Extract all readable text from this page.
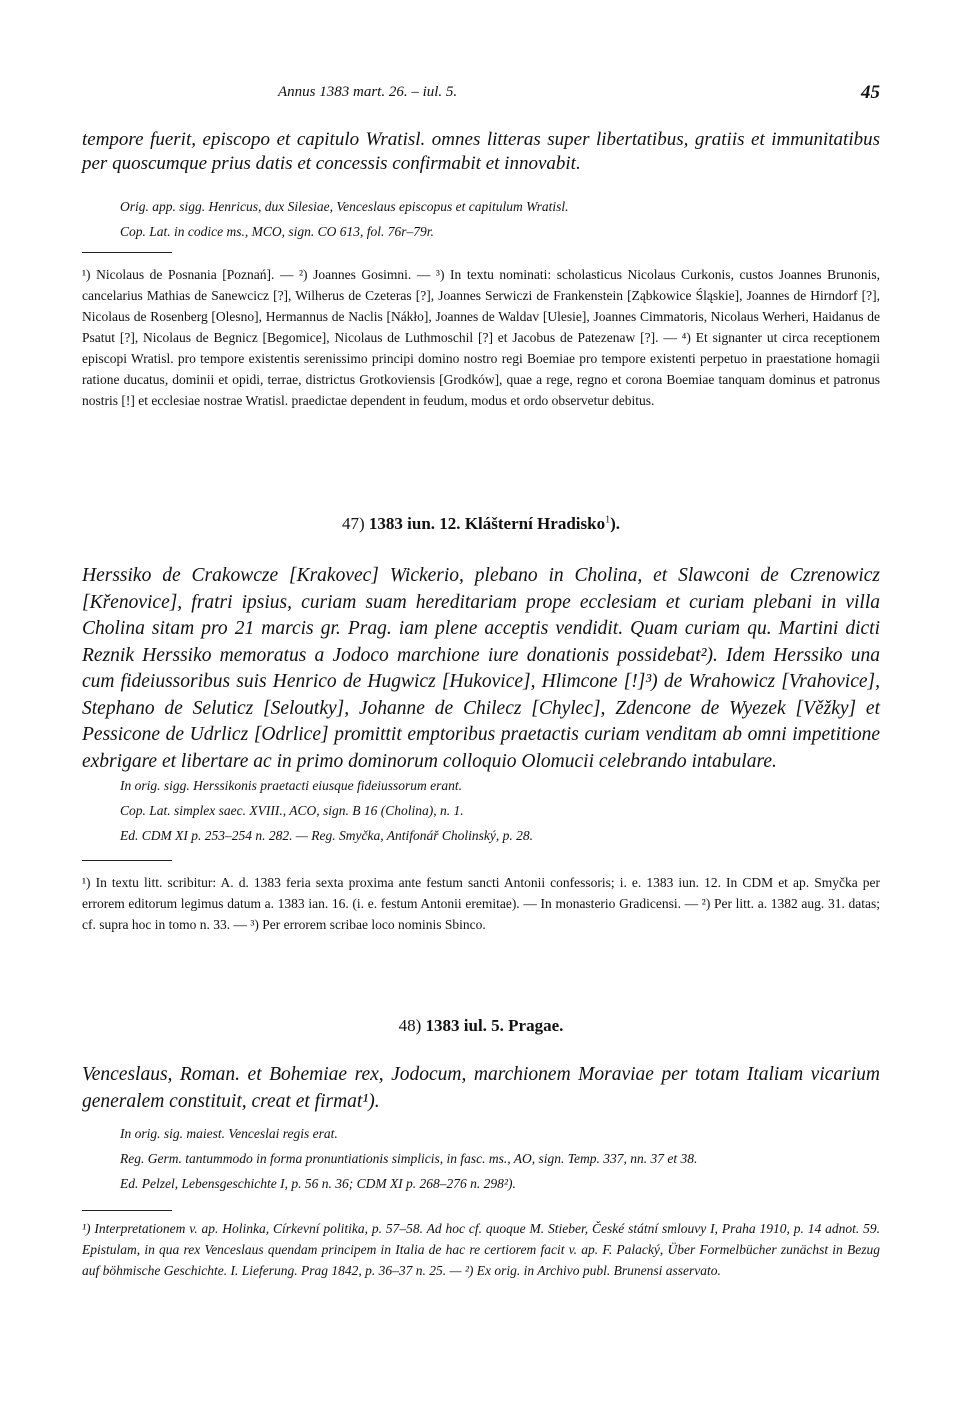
Annus 1383 mart. 26. – iul. 5.	45
tempore fuerit, episcopo et capitulo Wratisl. omnes litteras super libertatibus, gratiis et immunitatibus per quoscumque prius datis et concessis confirmabit et innovabit.
Orig. app. sigg. Henricus, dux Silesiae, Venceslaus episcopus et capitulum Wratisl.
Cop. Lat. in codice ms., MCO, sign. CO 613, fol. 76r–79r.
¹) Nicolaus de Posnania [Poznań]. — ²) Joannes Gosimni. — ³) In textu nominati: scholasticus Nicolaus Curkonis, custos Joannes Brunonis, cancelarius Mathias de Sanewcicz [?], Wilherus de Czeteras [?], Joannes Serwiczi de Frankenstein [Ząbkowice Śląskie], Joannes de Hirndorf [?], Nicolaus de Rosenberg [Olesno], Hermannus de Naclis [Nákło], Joannes de Waldav [Ulesie], Joannes Cimmatoris, Nicolaus Werheri, Haidanus de Psatut [?], Nicolaus de Begnicz [Begomice], Nicolaus de Luthmoschil [?] et Jacobus de Patezenaw [?]. — ⁴) Et signanter ut circa receptionem episcopi Wratisl. pro tempore existentis serenissimo principi domino nostro regi Boemiae pro tempore existenti perpetuo in praestatione homagii ratione ducatus, dominii et opidi, terrae, districtus Grotkoviensis [Grodków], quae a rege, regno et corona Boemiae tanquam dominus et patronus nostris [!] et ecclesiae nostrae Wratisl. praedictae dependent in feudum, modus et ordo observetur debitus.
47) 1383 iun. 12. Klášterní Hradisko$^1$).
Herssiko de Crakowcze [Krakovec] Wickerio, plebano in Cholina, et Slawconi de Czrenowicz [Křenovice], fratri ipsius, curiam suam hereditariam prope ecclesiam et curiam plebani in villa Cholina sitam pro 21 marcis gr. Prag. iam plene acceptis vendidit. Quam curiam qu. Martini dicti Reznik Herssiko memoratus a Jodoco marchione iure donationis possidebat²). Idem Herssiko una cum fideiussoribus suis Henrico de Hugwicz [Hukovice], Hlimcone [!]³) de Wrahowicz [Vrahovice], Stephano de Seluticz [Seloutky], Johanne de Chilecz [Chylec], Zdencone de Wyezek [Věžky] et Pessicone de Udrlicz [Odrlice] promittit emptoribus praetactis curiam venditam ab omni impetitione exbrigare et libertare ac in primo dominorum colloquio Olomucii celebrando intabulare.
In orig. sigg. Herssikonis praetacti eiusque fideiussorum erant.
Cop. Lat. simplex saec. XVIII., ACO, sign. B 16 (Cholina), n. 1.
Ed. CDM XI p. 253–254 n. 282. — Reg. Smyčka, Antifonář Cholinský, p. 28.
¹) In textu litt. scribitur: A. d. 1383 feria sexta proxima ante festum sancti Antonii confessoris; i. e. 1383 iun. 12. In CDM et ap. Smyčka per errorem editorum legimus datum a. 1383 ian. 16. (i. e. festum Antonii eremitae). — In monasterio Gradicensi. — ²) Per litt. a. 1382 aug. 31. datas; cf. supra hoc in tomo n. 33. — ³) Per errorem scribae loco nominis Sbinco.
48) 1383 iul. 5. Pragae.
Venceslaus, Roman. et Bohemiae rex, Jodocum, marchionem Moraviae per totam Italiam vicarium generalem constituit, creat et firmat¹).
In orig. sig. maiest. Venceslai regis erat.
Reg. Germ. tantummodo in forma pronuntiationis simplicis, in fasc. ms., AO, sign. Temp. 337, nn. 37 et 38.
Ed. Pelzel, Lebensgeschichte I, p. 56 n. 36; CDM XI p. 268–276 n. 298²).
¹) Interpretationem v. ap. Holinka, Církevní politika, p. 57–58. Ad hoc cf. quoque M. Stieber, České státní smlouvy I, Praha 1910, p. 14 adnot. 59. Epistulam, in qua rex Venceslaus quendam principem in Italia de hac re certiorem facit v. ap. F. Palacký, Über Formelbücher zunächst in Bezug auf böhmische Geschichte. I. Lieferung. Prag 1842, p. 36–37 n. 25. — ²) Ex orig. in Archivo publ. Brunensi asservato.
